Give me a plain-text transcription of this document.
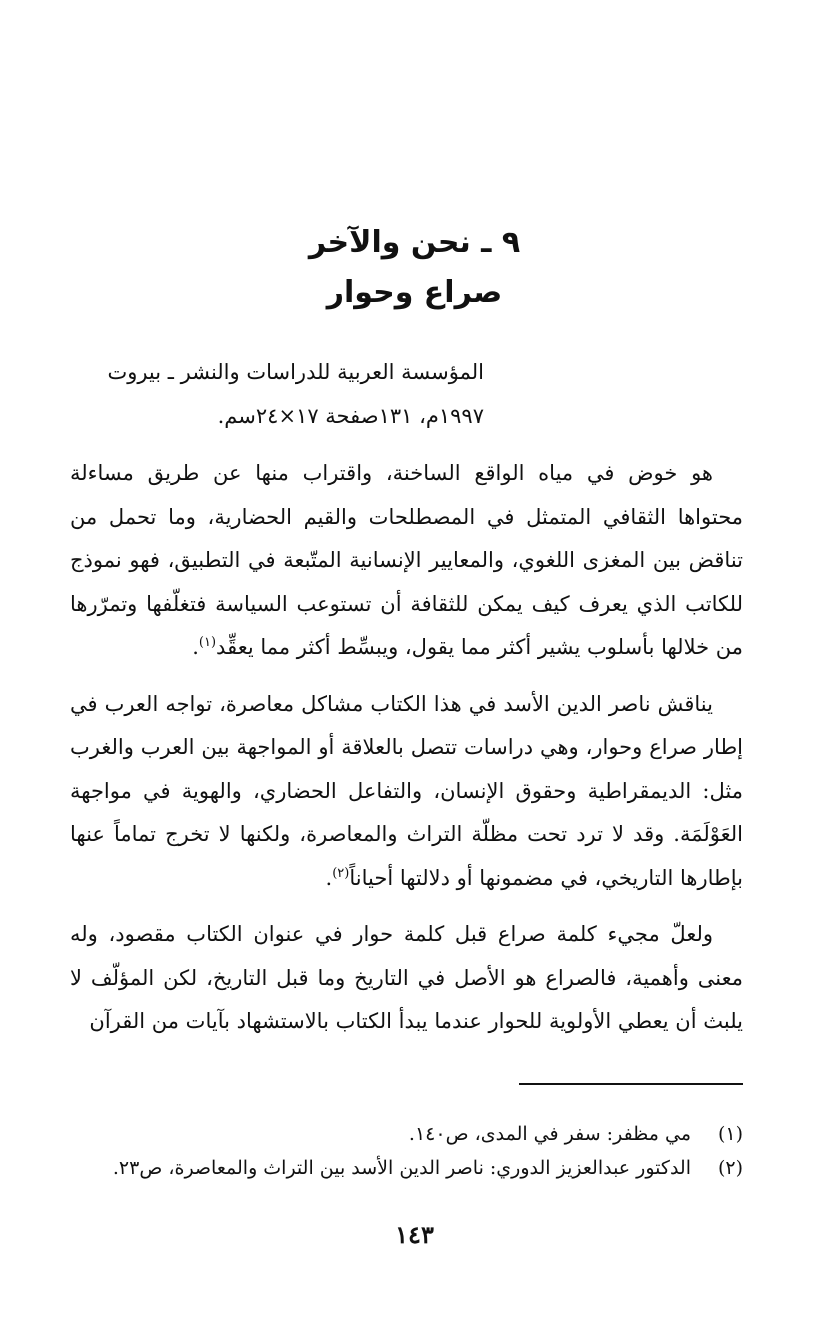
٩ ـ نحن والآخر

صراع وحوار

المؤسسة العربية للدراسات والنشر ـ بيروت

١٩٩٧م، ١٣١صفحة ١٧×٢٤سم.

هو خوض في مياه الواقع الساخنة، واقتراب منها عن طريق مساءلة محتواها الثقافي المتمثل في المصطلحات والقيم الحضارية، وما تحمل من تناقض بين المغزى اللغوي، والمعايير الإنسانية المتّبعة في التطبيق، فهو نموذج للكاتب الذي يعرف كيف يمكن للثقافة أن تستوعب السياسة فتغلّفها وتمرّرها من خلالها بأسلوب يشير أكثر مما يقول، ويبسِّط أكثر مما يعقِّد$^{(١)}$.

يناقش ناصر الدين الأسد في هذا الكتاب مشاكل معاصرة، تواجه العرب في إطار صراع وحوار، وهي دراسات تتصل بالعلاقة أو المواجهة بين العرب والغرب مثل: الديمقراطية وحقوق الإنسان، والتفاعل الحضاري، والهوية في مواجهة العَوْلَمَة. وقد لا ترد تحت مظلّة التراث والمعاصرة، ولكنها لا تخرج تماماً عنها بإطارها التاريخي، في مضمونها أو دلالتها أحياناً$^{(٢)}$.

ولعلّ مجيء كلمة صراع قبل كلمة حوار في عنوان الكتاب مقصود، وله معنى وأهمية، فالصراع هو الأصل في التاريخ وما قبل التاريخ، لكن المؤلّف لا يلبث أن يعطي الأولوية للحوار عندما يبدأ الكتاب بالاستشهاد بآيات من القرآن

(١)
مي مظفر: سفر في المدى، ص١٤٠.
(٢)
الدكتور عبدالعزيز الدوري: ناصر الدين الأسد بين التراث والمعاصرة، ص٢٣.
١٤٣
